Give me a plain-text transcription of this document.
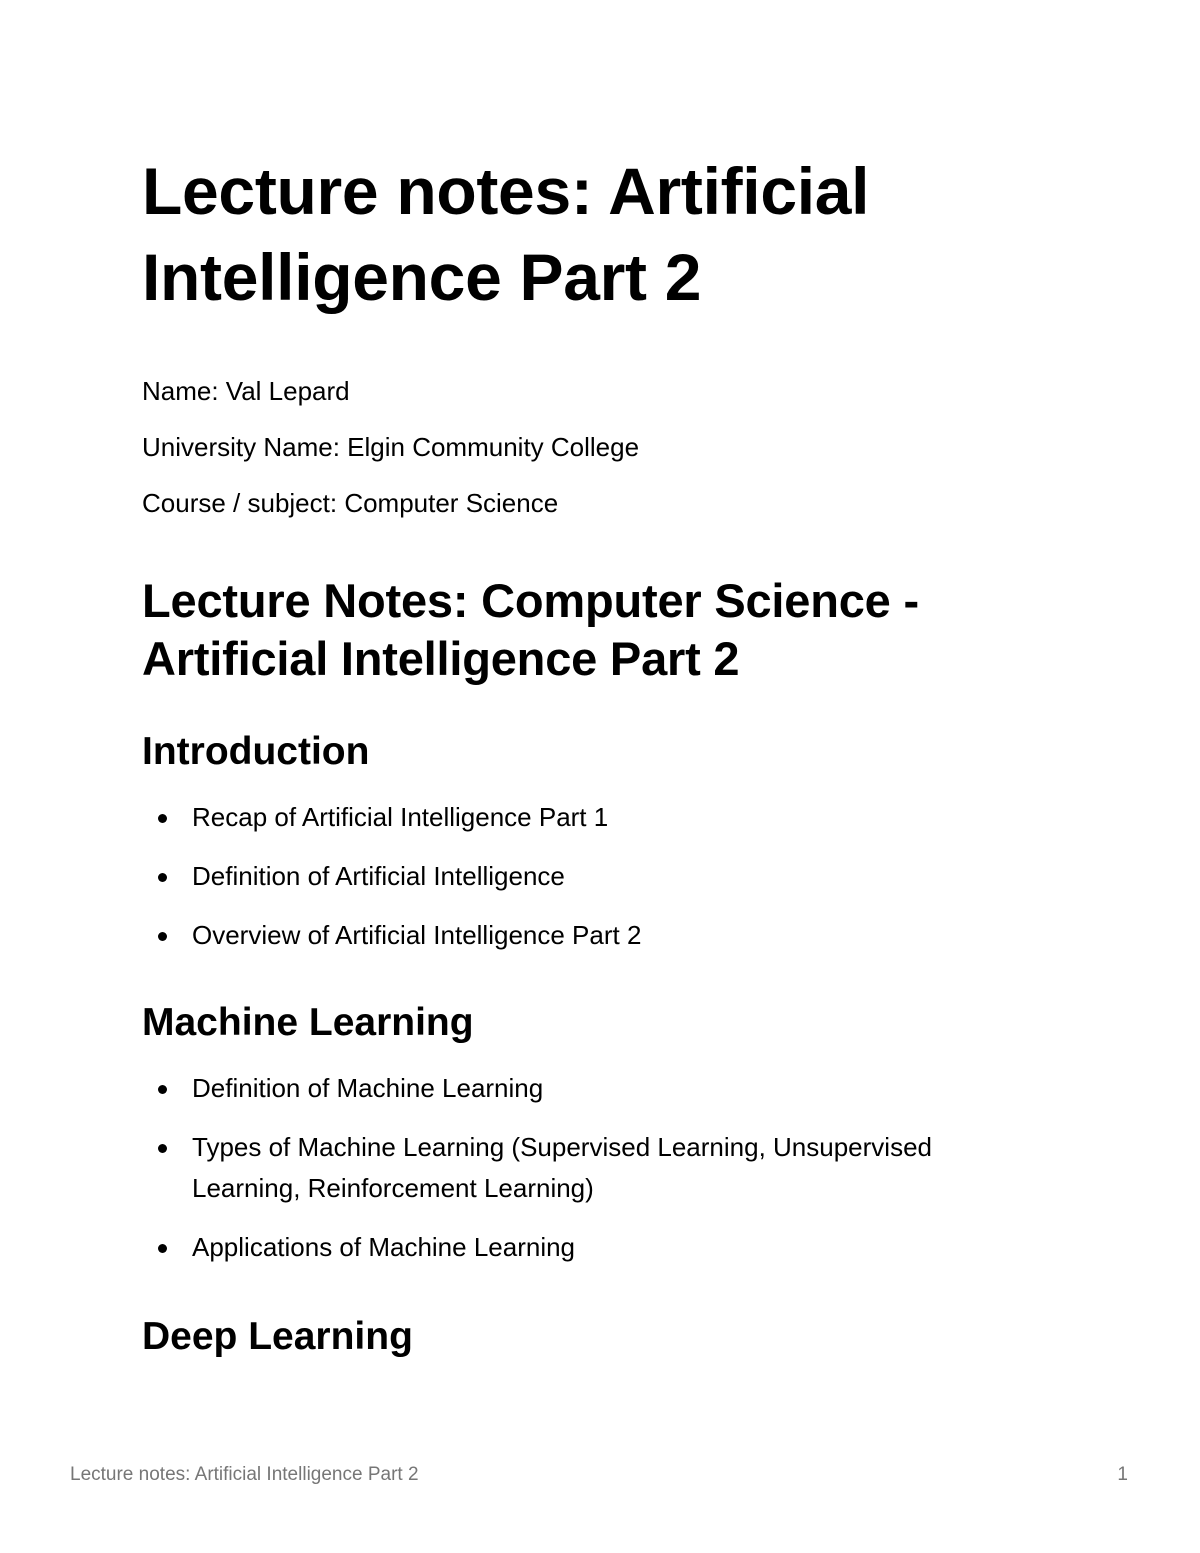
Lecture notes: Artificial Intelligence Part 2

Name: Val Lepard

University Name: Elgin Community College

Course / subject: Computer Science

Lecture Notes: Computer Science - Artificial Intelligence Part 2
Introduction
Recap of Artificial Intelligence Part 1
Definition of Artificial Intelligence
Overview of Artificial Intelligence Part 2
Machine Learning
Definition of Machine Learning
Types of Machine Learning (Supervised Learning, Unsupervised Learning, Reinforcement Learning)
Applications of Machine Learning
Deep Learning
Lecture notes: Artificial Intelligence Part 2	1
